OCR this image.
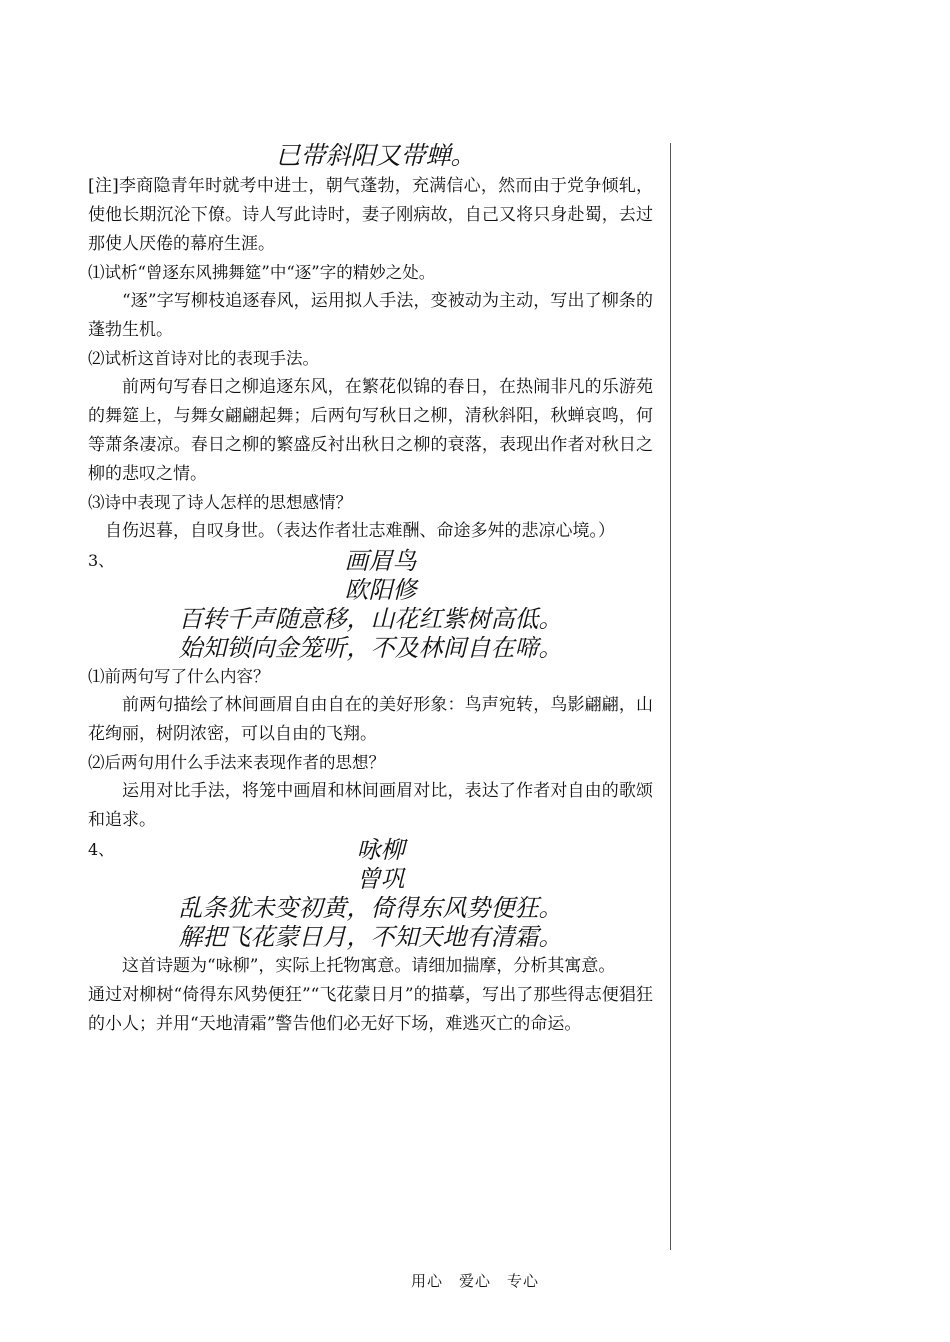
已带斜阳又带蝉。

[注]李商隐青年时就考中进士，朝气蓬勃，充满信心，然而由于党争倾轧，使他长期沉沦下僚。诗人写此诗时，妻子刚病故，自己又将只身赴蜀，去过那使人厌倦的幕府生涯。

⑴试析“曾逐东风拂舞筵”中“逐”字的精妙之处。

“逐”字写柳枝追逐春风，运用拟人手法，变被动为主动，写出了柳条的蓬勃生机。

⑵试析这首诗对比的表现手法。

前两句写春日之柳追逐东风，在繁花似锦的春日，在热闹非凡的乐游苑的舞筵上，与舞女翩翩起舞；后两句写秋日之柳，清秋斜阳，秋蝉哀鸣，何等萧条凄凉。春日之柳的繁盛反衬出秋日之柳的衰落，表现出作者对秋日之柳的悲叹之情。

⑶诗中表现了诗人怎样的思想感情？

自伤迟暮，自叹身世。（表达作者壮志难酬、命途多舛的悲凉心境。）

3、	画眉鸟

欧阳修

百转千声随意移，山花红紫树高低。

始知锁向金笼听，不及林间自在啼。

⑴前两句写了什么内容？

前两句描绘了林间画眉自由自在的美好形象：鸟声宛转，鸟影翩翩，山花绚丽，树阴浓密，可以自由的飞翔。

⑵后两句用什么手法来表现作者的思想？

运用对比手法，将笼中画眉和林间画眉对比，表达了作者对自由的歌颂和追求。

4、	咏柳

曾巩

乱条犹未变初黄，倚得东风势便狂。

解把飞花蒙日月，不知天地有清霜。

这首诗题为“咏柳”，实际上托物寓意。请细加揣摩，分析其寓意。

通过对柳树“倚得东风势便狂”“飞花蒙日月”的描摹，写出了那些得志便猖狂的小人；并用“天地清霜”警告他们必无好下场，难逃灭亡的命运。

用心　爱心　专心
